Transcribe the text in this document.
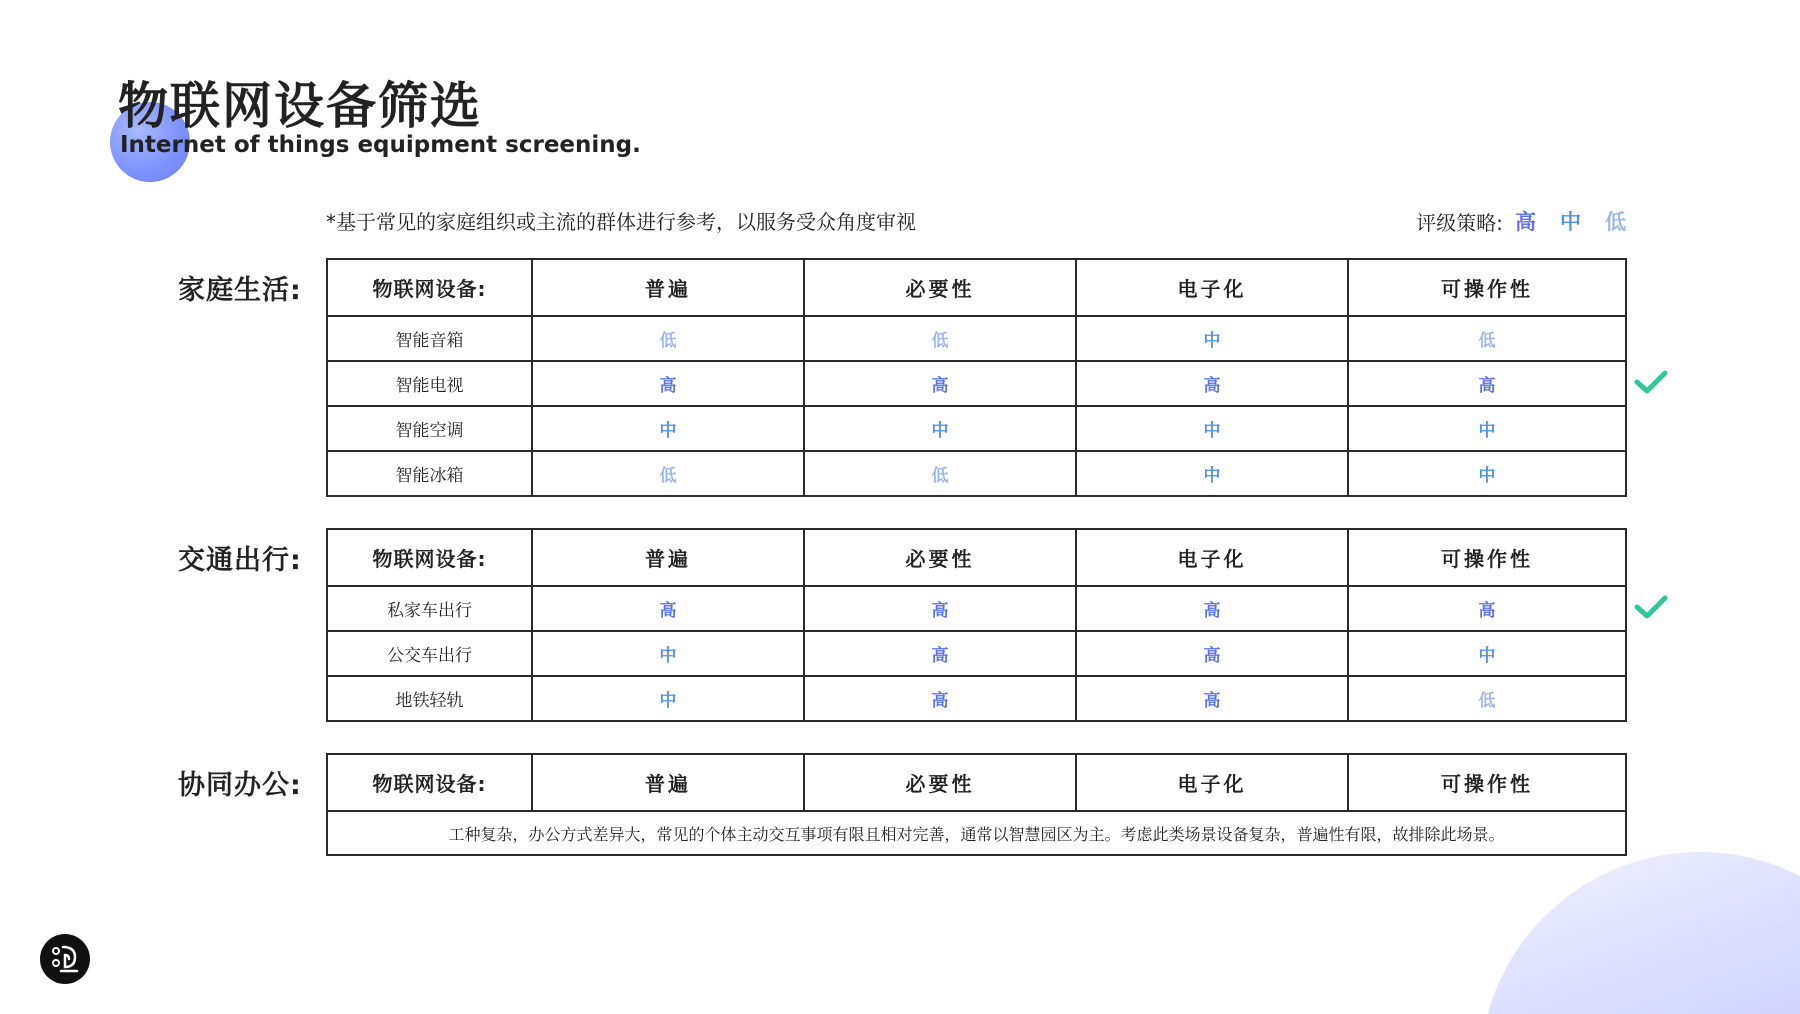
物联网设备筛选
Internet of things equipment screening.
*基于常见的家庭组织或主流的群体进行参考，以服务受众角度审视	评级策略: 高 中 低
家庭生活:	物联网设备:	普遍	必要性	电子化	可操作性
智能音箱	低	低	中	低
智能电视	高	高	高	高
智能空调	中	中	中	中
智能冰箱	低	低	中	中
交通出行:	物联网设备:	普遍	必要性	电子化	可操作性
私家车出行	高	高	高	高
公交车出行	中	高	高	中
地铁轻轨	中	高	高	低
协同办公:	物联网设备:	普遍	必要性	电子化	可操作性
工种复杂，办公方式差异大，常见的个体主动交互事项有限且相对完善，通常以智慧园区为主。考虑此类场景设备复杂，普遍性有限，故排除此场景。
